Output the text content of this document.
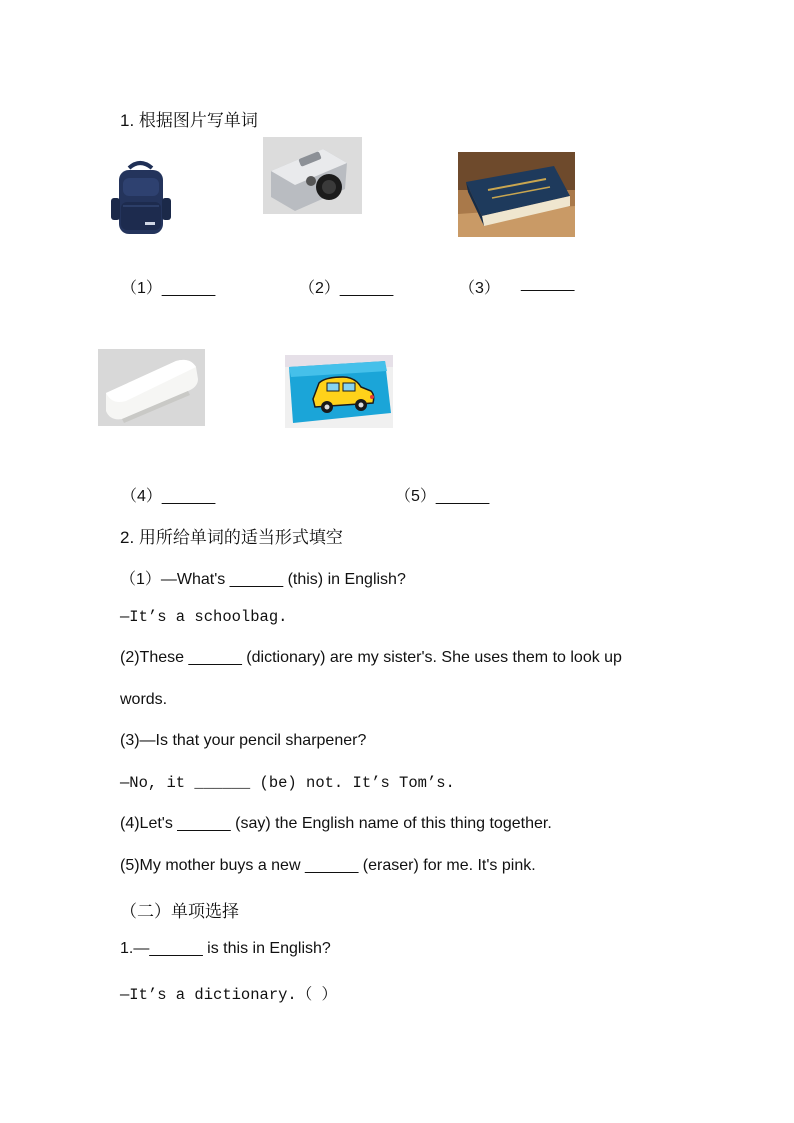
1. 根据图片写单词
（1）______	（2）______	（3） ______
（4）______	（5）______
2. 用所给单词的适当形式填空
（1）—What's ______ (this) in English?
—It’s a schoolbag.
(2)These ______ (dictionary) are my sister's. She uses them to look up
words.
(3)—Is that your pencil sharpener?
—No, it ______ (be) not. It’s Tom’s.
(4)Let's ______ (say) the English name of this thing together.
(5)My mother buys a new ______ (eraser) for me. It's pink.
（二）单项选择
1.—______ is this in English?
—It’s a dictionary.（ ）
